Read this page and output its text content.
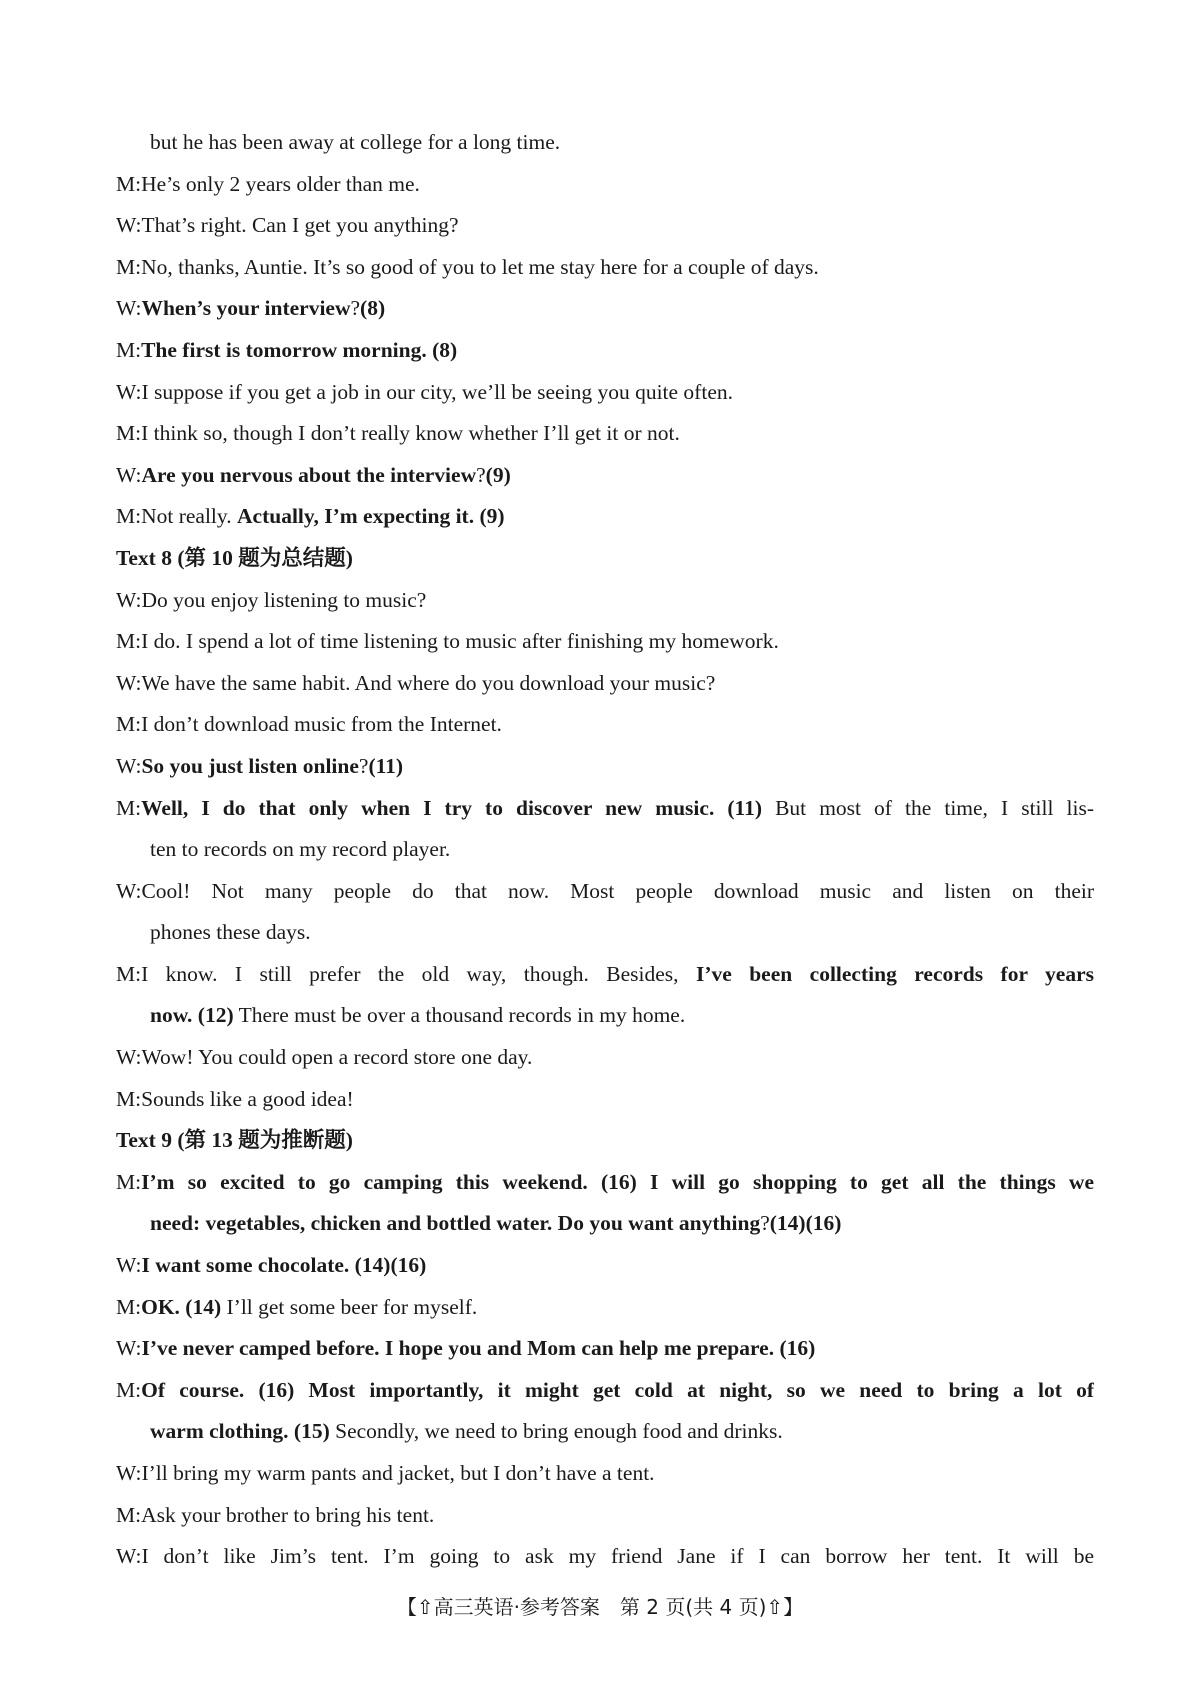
but he has been away at college for a long time.
M:He’s only 2 years older than me.
W:That’s right. Can I get you anything?
M:No, thanks, Auntie. It’s so good of you to let me stay here for a couple of days.
W:When’s your interview?(8)
M:The first is tomorrow morning. (8)
W:I suppose if you get a job in our city, we’ll be seeing you quite often.
M:I think so, though I don’t really know whether I’ll get it or not.
W:Are you nervous about the interview?(9)
M:Not really. Actually, I’m expecting it. (9)
Text 8 (第 10 题为总结题)
W:Do you enjoy listening to music?
M:I do. I spend a lot of time listening to music after finishing my homework.
W:We have the same habit. And where do you download your music?
M:I don’t download music from the Internet.
W:So you just listen online?(11)
M:Well, I do that only when I try to discover new music. (11) But most of the time, I still lis-
ten to records on my record player.
W:Cool! Not many people do that now. Most people download music and listen on their
phones these days.
M:I know. I still prefer the old way, though. Besides, I’ve been collecting records for years
now. (12) There must be over a thousand records in my home.
W:Wow! You could open a record store one day.
M:Sounds like a good idea!
Text 9 (第 13 题为推断题)
M:I’m so excited to go camping this weekend. (16) I will go shopping to get all the things we
need: vegetables, chicken and bottled water. Do you want anything?(14)(16)
W:I want some chocolate. (14)(16)
M:OK. (14) I’ll get some beer for myself.
W:I’ve never camped before. I hope you and Mom can help me prepare. (16)
M:Of course. (16) Most importantly, it might get cold at night, so we need to bring a lot of
warm clothing. (15) Secondly, we need to bring enough food and drinks.
W:I’ll bring my warm pants and jacket, but I don’t have a tent.
M:Ask your brother to bring his tent.
W:I don’t like Jim’s tent. I’m going to ask my friend Jane if I can borrow her tent. It will be
【⇧高三英语·参考答案　第 2 页(共 4 页)⇧】
